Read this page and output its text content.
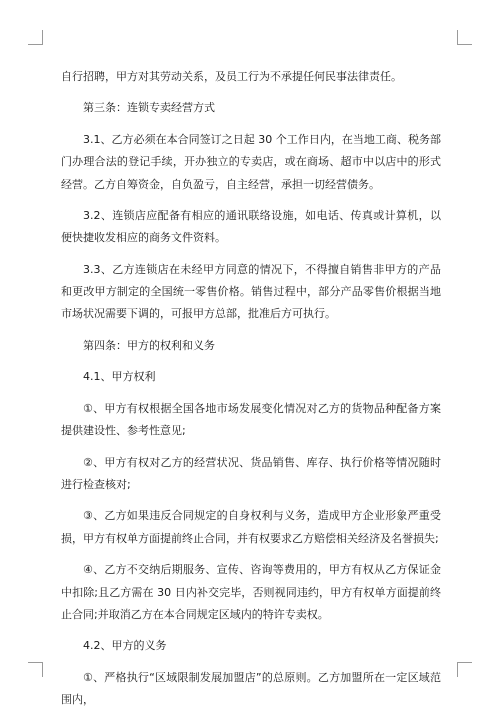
自行招聘，甲方对其劳动关系，及员工行为不承提任何民事法律责任。

第三条：连锁专卖经营方式

3.1、乙方必须在本合同签订之日起 30 个工作日内，在当地工商、税务部门办理合法的登记手续，开办独立的专卖店，或在商场、超市中以店中的形式经营。乙方自筹资金，自负盈亏，自主经营，承担一切经营债务。

3.2、连锁店应配备有相应的通讯联络设施，如电话、传真或计算机，以便快捷收发相应的商务文件资料。

3.3、乙方连锁店在未经甲方同意的情况下，不得擅自销售非甲方的产品和更改甲方制定的全国统一零售价格。销售过程中，部分产品零售价根据当地市场状况需要下调的，可报甲方总部，批准后方可执行。

第四条：甲方的权利和义务

4.1、甲方权利

①、甲方有权根据全国各地市场发展变化情况对乙方的货物品种配备方案提供建设性、参考性意见;

②、甲方有权对乙方的经营状况、货品销售、库存、执行价格等情况随时进行检查核对;

③、乙方如果违反合同规定的自身权利与义务，造成甲方企业形象严重受损，甲方有权单方面提前终止合同，并有权要求乙方赔偿相关经济及名誉损失;

④、乙方不交纳后期服务、宣传、咨询等费用的，甲方有权从乙方保证金中扣除;且乙方需在 30 日内补交完毕，否则视同违约，甲方有权单方面提前终止合同;并取消乙方在本合同规定区域内的特许专卖权。

4.2、甲方的义务

①、严格执行“区域限制发展加盟店”的总原则。乙方加盟所在一定区域范围内，
